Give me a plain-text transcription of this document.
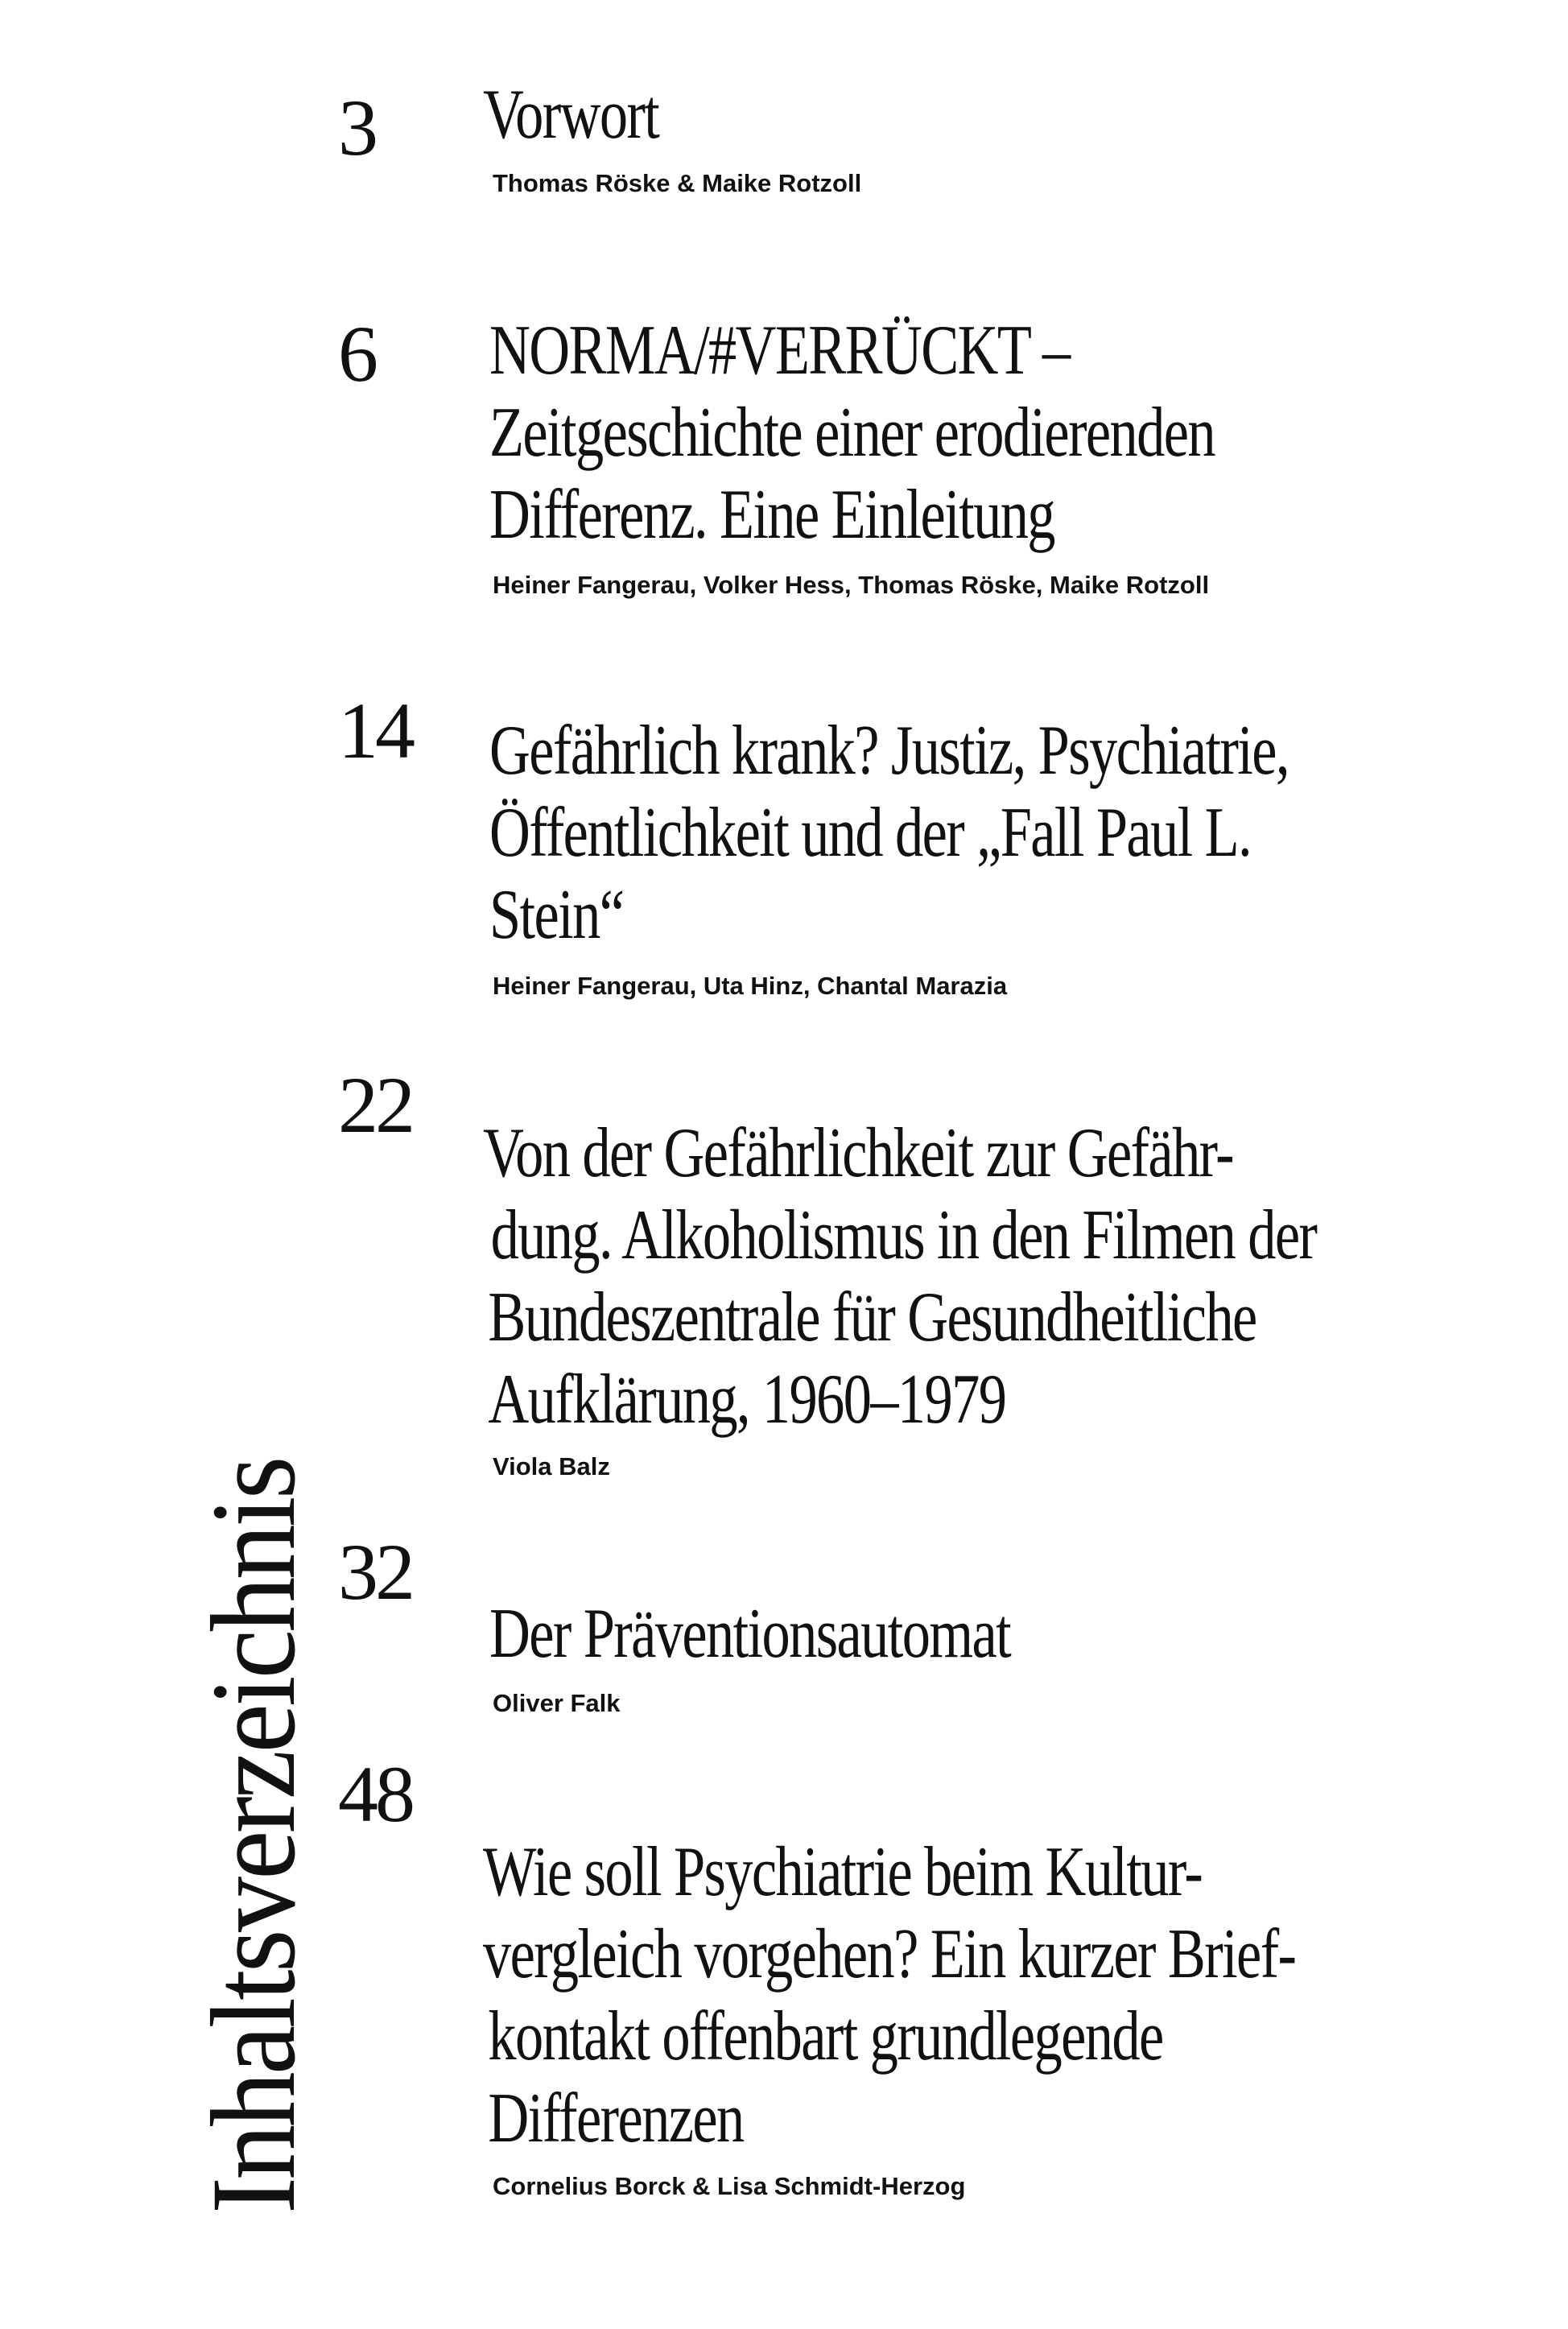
Inhaltsverzeichnis
3 Vorwort
Thomas Röske & Maike Rotzoll
6 NORMA/#VERRÜCKT –
Zeitgeschichte einer erodierenden
Differenz. Eine Einleitung
Heiner Fangerau, Volker Hess, Thomas Röske, Maike Rotzoll
14 Gefährlich krank? Justiz, Psychiatrie,
Öffentlichkeit und der „Fall Paul L.
Stein“
Heiner Fangerau, Uta Hinz, Chantal Marazia
22
Von der Gefährlichkeit zur Gefähr-
dung. Alkoholismus in den Filmen der
Bundeszentrale für Gesundheitliche
Aufklärung, 1960–1979
Viola Balz
32
Der Präventionsautomat
Oliver Falk
48
Wie soll Psychiatrie beim Kultur-
vergleich vorgehen? Ein kurzer Brief-
kontakt offenbart grundlegende
Differenzen
Cornelius Borck & Lisa Schmidt-Herzog
